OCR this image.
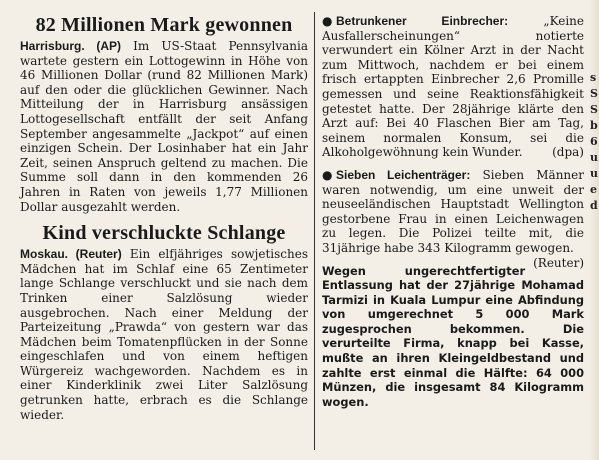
82 Millionen Mark gewonnen

Harrisburg. (AP) Im US-Staat Pennsylvania wartete gestern ein Lottogewinn in Höhe von 46 Millionen Dollar (rund 82 Millionen Mark) auf den oder die glücklichen Gewinner. Nach Mitteilung der in Harrisburg ansässigen Lottogesellschaft entfällt der seit Anfang September angesammelte „Jackpot“ auf einen einzigen Schein. Der Losinhaber hat ein Jahr Zeit, seinen Anspruch geltend zu machen. Die Summe soll dann in den kommenden 26 Jahren in Raten von jeweils 1,77 Millionen Dollar ausgezahlt werden.

Kind verschluckte Schlange

Moskau. (Reuter) Ein elfjähriges sowjetisches Mädchen hat im Schlaf eine 65 Zentimeter lange Schlange verschluckt und sie nach dem Trinken einer Salzlösung wieder ausgebrochen. Nach einer Meldung der Parteizeitung „Prawda“ von gestern war das Mädchen beim Tomatenpflücken in der Sonne eingeschlafen und von einem heftigen Würgereiz wachgeworden. Nachdem es in einer Kinderklinik zwei Liter Salzlösung getrunken hatte, erbrach es die Schlange wieder.

● Betrunkener Einbrecher: „Keine Ausfallerscheinungen“ notierte verwundert ein Kölner Arzt in der Nacht zum Mittwoch, nachdem er bei einem frisch ertappten Einbrecher 2,6 Promille gemessen und seine Reaktionsfähigkeit getestet hatte. Der 28jährige klärte den Arzt auf: Bei 40 Flaschen Bier am Tag, seinem normalen Konsum, sei die Alkoholgewöhnung kein Wunder. (dpa)

● Sieben Leichenträger: Sieben Männer waren notwendig, um eine unweit der neuseeländischen Hauptstadt Wellington gestorbene Frau in einen Leichenwagen zu legen. Die Polizei teilte mit, die 31jährige habe 343 Kilogramm gewogen.
(Reuter)

Wegen ungerechtfertigter Entlassung hat der 27jährige Mohamad Tarmizi in Kuala Lumpur eine Abfindung von umgerechnet 5 000 Mark zugesprochen bekommen. Die verurteilte Firma, knapp bei Kasse, mußte an ihren Kleingeldbestand und zahlte erst einmal die Hälfte: 64 000 Münzen, die insgesamt 84 Kilogramm wogen.

s S S b 6 u u e d
